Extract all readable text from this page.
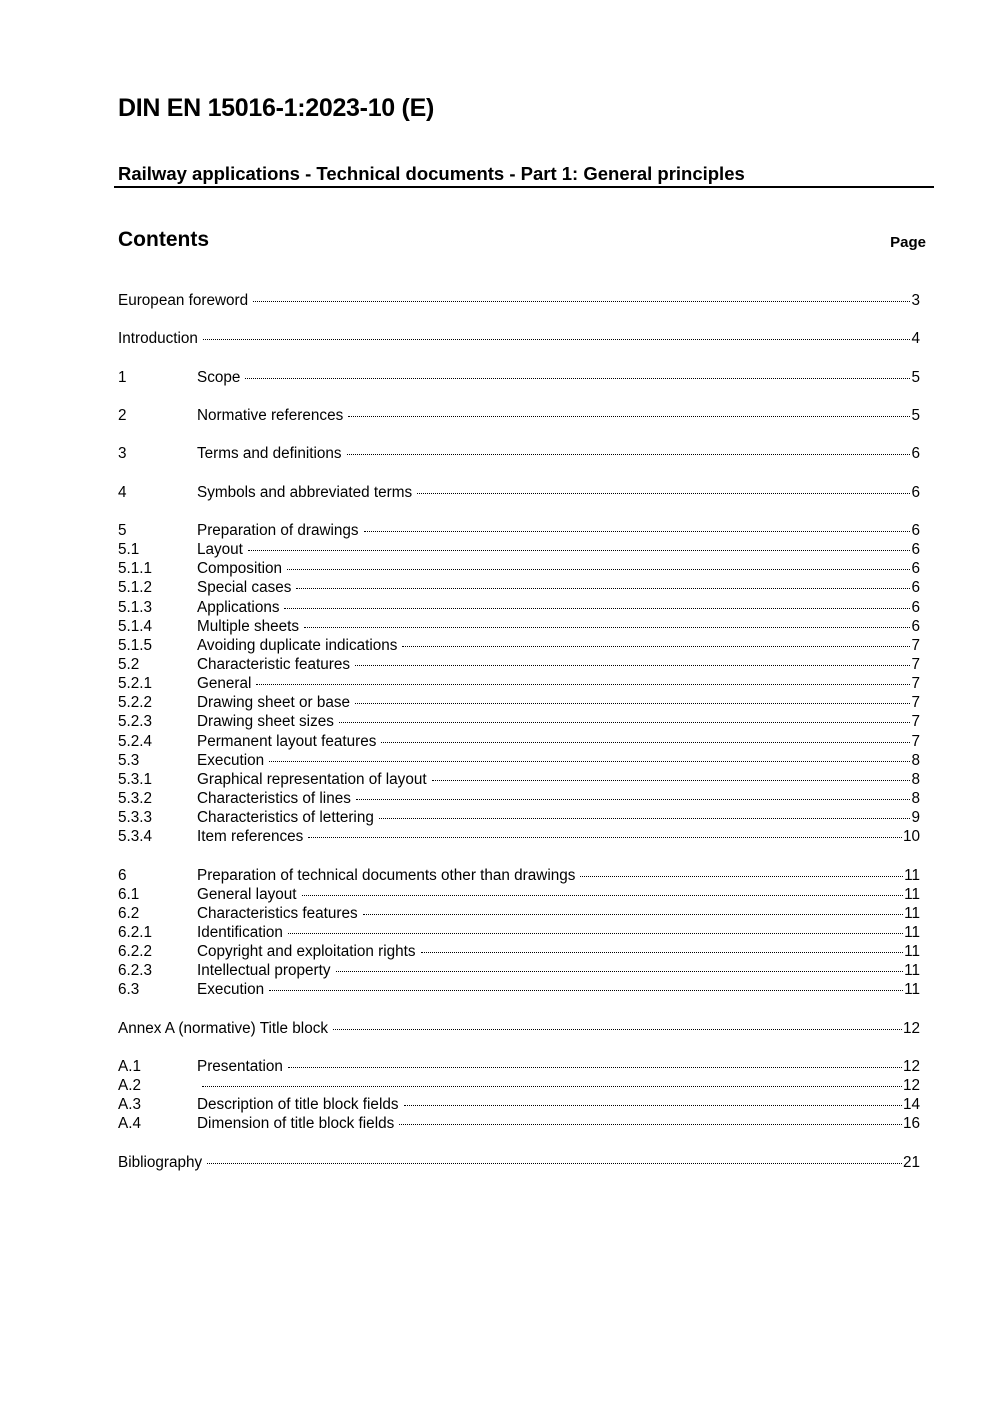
DIN EN 15016-1:2023-10 (E)
Railway applications - Technical documents - Part 1: General principles
Contents	Page
European foreword	3
Introduction	4
1	Scope	5
2	Normative references	5
3	Terms and definitions	6
4	Symbols and abbreviated terms	6
5	Preparation of drawings	6
5.1	Layout	6
5.1.1	Composition	6
5.1.2	Special cases	6
5.1.3	Applications	6
5.1.4	Multiple sheets	6
5.1.5	Avoiding duplicate indications	7
5.2	Characteristic features	7
5.2.1	General	7
5.2.2	Drawing sheet or base	7
5.2.3	Drawing sheet sizes	7
5.2.4	Permanent layout features	7
5.3	Execution	8
5.3.1	Graphical representation of layout	8
5.3.2	Characteristics of lines	8
5.3.3	Characteristics of lettering	9
5.3.4	Item references	10
6	Preparation of technical documents other than drawings	11
6.1	General layout	11
6.2	Characteristics features	11
6.2.1	Identification	11
6.2.2	Copyright and exploitation rights	11
6.2.3	Intellectual property	11
6.3	Execution	11
Annex A (normative) Title block	12
A.1	Presentation	12
A.2	12
A.3	Description of title block fields	14
A.4	Dimension of title block fields	16
Bibliography	21
